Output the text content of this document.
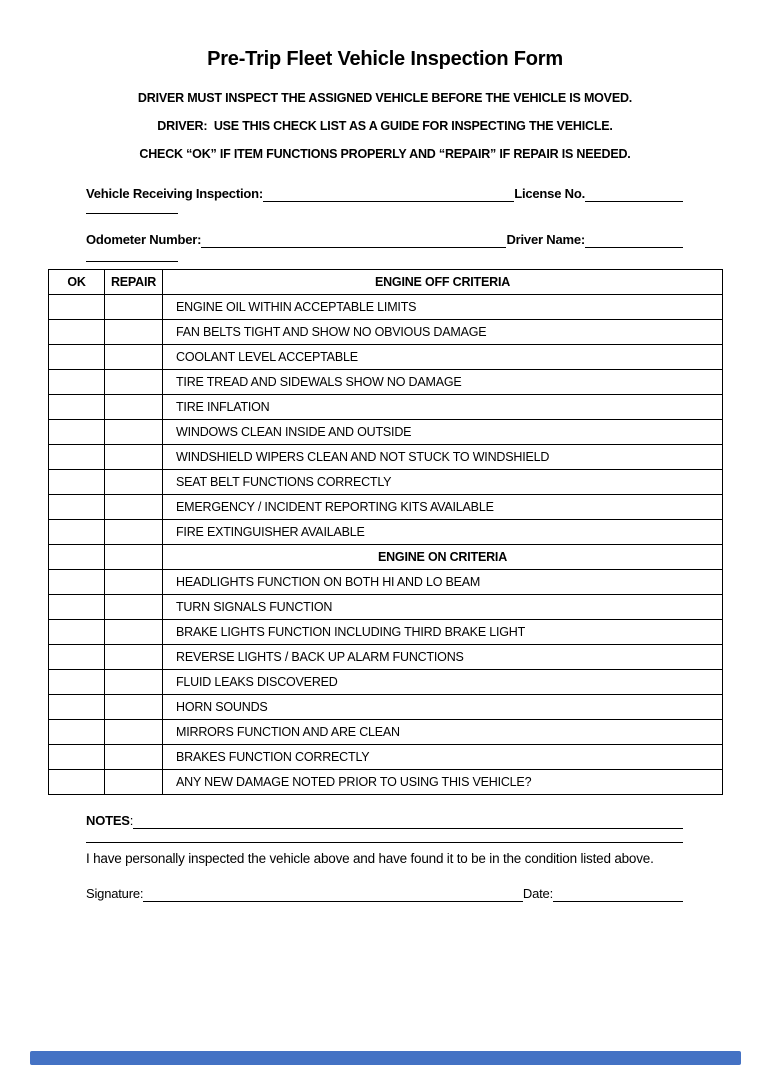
Pre-Trip Fleet Vehicle Inspection Form
DRIVER MUST INSPECT THE ASSIGNED VEHICLE BEFORE THE VEHICLE IS MOVED.
DRIVER:  USE THIS CHECK LIST AS A GUIDE FOR INSPECTING THE VEHICLE.
CHECK “OK” IF ITEM FUNCTIONS PROPERLY AND “REPAIR” IF REPAIR IS NEEDED.
Vehicle Receiving Inspection:	License No.
Odometer Number:	Driver Name:
OK	REPAIR	ENGINE OFF CRITERIA
ENGINE OIL WITHIN ACCEPTABLE LIMITS
FAN BELTS TIGHT AND SHOW NO OBVIOUS DAMAGE
COOLANT LEVEL ACCEPTABLE
TIRE TREAD AND SIDEWALS SHOW NO DAMAGE
TIRE INFLATION
WINDOWS CLEAN INSIDE AND OUTSIDE
WINDSHIELD WIPERS CLEAN AND NOT STUCK TO WINDSHIELD
SEAT BELT FUNCTIONS CORRECTLY
EMERGENCY / INCIDENT REPORTING KITS AVAILABLE
FIRE EXTINGUISHER AVAILABLE
ENGINE ON CRITERIA
HEADLIGHTS FUNCTION ON BOTH HI AND LO BEAM
TURN SIGNALS FUNCTION
BRAKE LIGHTS FUNCTION INCLUDING THIRD BRAKE LIGHT
REVERSE LIGHTS / BACK UP ALARM FUNCTIONS
FLUID LEAKS DISCOVERED
HORN SOUNDS
MIRRORS FUNCTION AND ARE CLEAN
BRAKES FUNCTION CORRECTLY
ANY NEW DAMAGE NOTED PRIOR TO USING THIS VEHICLE?
NOTES :
I have personally inspected the vehicle above and have found it to be in the condition listed above.
Signature:	Date:
